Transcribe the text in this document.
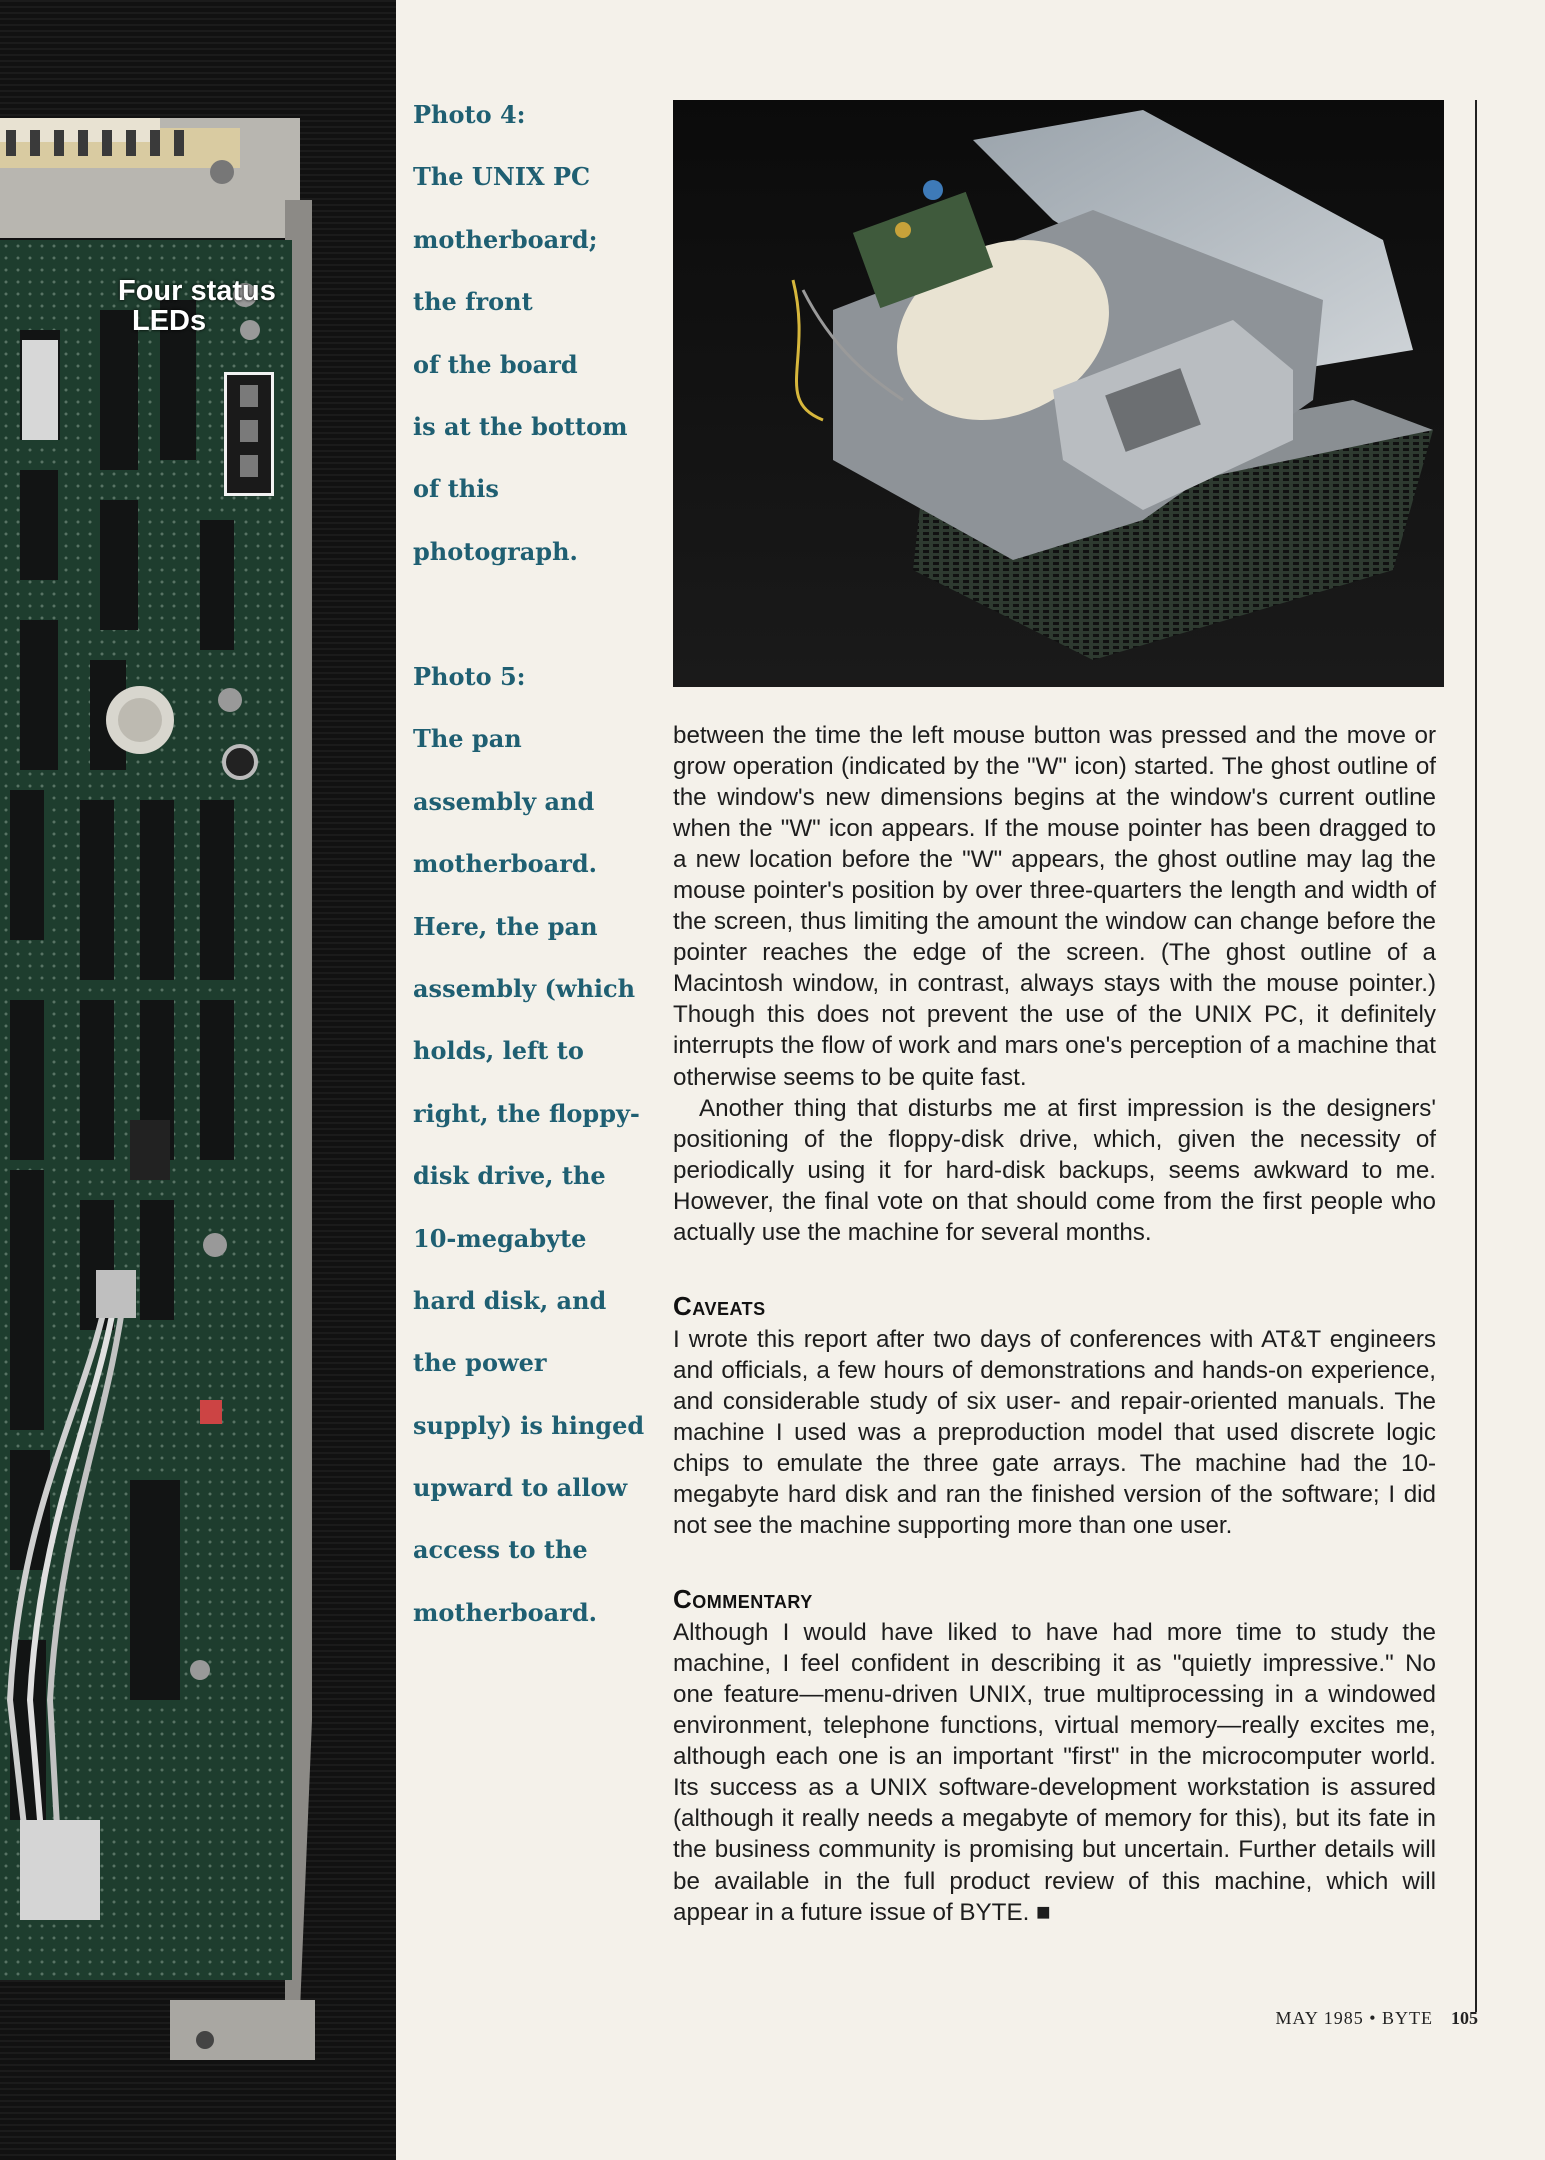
Four status
LEDs
Photo 4:
The UNIX PC
motherboard;
the front
of the board
is at the bottom
of this
photograph.
Photo 5:
The pan
assembly and
motherboard.
Here, the pan
assembly (which
holds, left to
right, the floppy-
disk drive, the
10-megabyte
hard disk, and
the power
supply) is hinged
upward to allow
access to the
motherboard.

between the time the left mouse button was pressed and the move or grow operation (indicated by the "W" icon) started. The ghost outline of the window's new dimensions begins at the window's current outline when the "W" icon appears. If the mouse pointer has been dragged to a new location before the "W" appears, the ghost outline may lag the mouse pointer's position by over three-quarters the length and width of the screen, thus limiting the amount the window can change before the pointer reaches the edge of the screen. (The ghost outline of a Macintosh window, in contrast, always stays with the mouse pointer.) Though this does not prevent the use of the UNIX PC, it definitely interrupts the flow of work and mars one's perception of a machine that otherwise seems to be quite fast.

Another thing that disturbs me at first impression is the designers' positioning of the floppy-disk drive, which, given the necessity of periodically using it for hard-disk backups, seems awkward to me. However, the final vote on that should come from the first people who actually use the machine for several months.

Caveats

I wrote this report after two days of conferences with AT&T engineers and officials, a few hours of demonstrations and hands-on experience, and considerable study of six user- and repair-oriented manuals. The machine I used was a preproduction model that used discrete logic chips to emulate the three gate arrays. The machine had the 10-megabyte hard disk and ran the finished version of the software; I did not see the machine supporting more than one user.

Commentary

Although I would have liked to have had more time to study the machine, I feel confident in describing it as "quietly impressive." No one feature—menu-driven UNIX, true multiprocessing in a windowed environment, telephone functions, virtual memory—really excites me, although each one is an important "first" in the microcomputer world. Its success as a UNIX software-development workstation is assured (although it really needs a megabyte of memory for this), but its fate in the business community is promising but uncertain. Further details will be available in the full product review of this machine, which will appear in a future issue of BYTE. ■

MAY 1985 • BYTE 105
